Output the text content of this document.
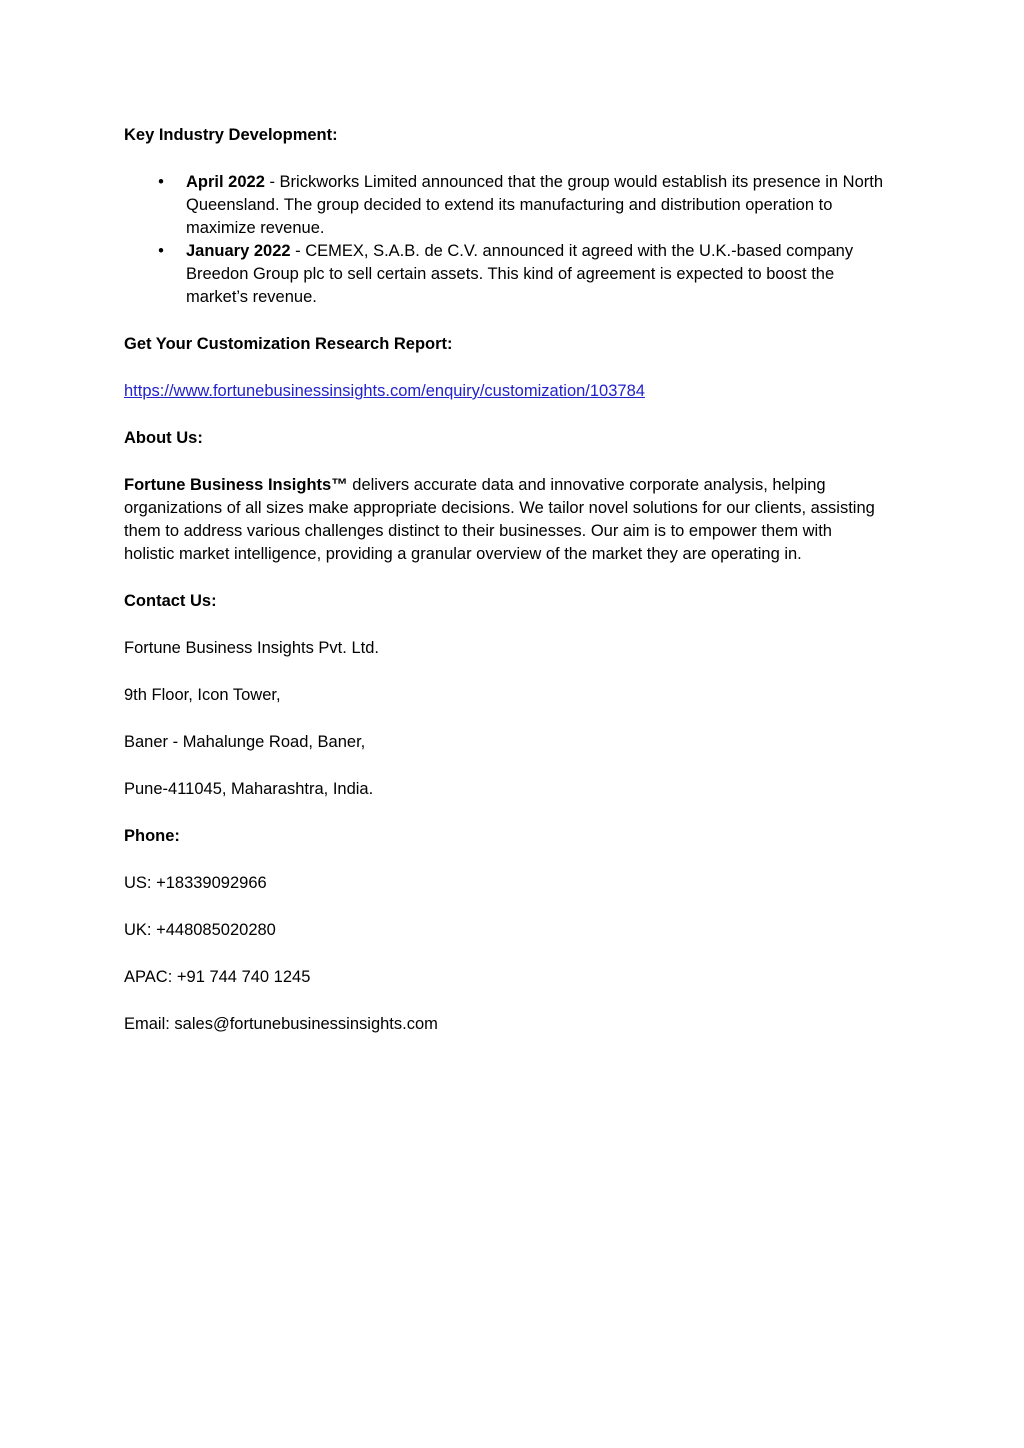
Key Industry Development:

• April 2022 - Brickworks Limited announced that the group would establish its presence in North Queensland. The group decided to extend its manufacturing and distribution operation to maximize revenue.
• January 2022 - CEMEX, S.A.B. de C.V. announced it agreed with the U.K.-based company Breedon Group plc to sell certain assets. This kind of agreement is expected to boost the market’s revenue.

Get Your Customization Research Report:

https://www.fortunebusinessinsights.com/enquiry/customization/103784

About Us:

Fortune Business Insights™ delivers accurate data and innovative corporate analysis, helping organizations of all sizes make appropriate decisions. We tailor novel solutions for our clients, assisting them to address various challenges distinct to their businesses. Our aim is to empower them with holistic market intelligence, providing a granular overview of the market they are operating in.

Contact Us:

Fortune Business Insights Pvt. Ltd.

9th Floor, Icon Tower,

Baner - Mahalunge Road, Baner,

Pune-411045, Maharashtra, India.

Phone:

US: +18339092966

UK: +448085020280

APAC: +91 744 740 1245

Email: sales@fortunebusinessinsights.com
